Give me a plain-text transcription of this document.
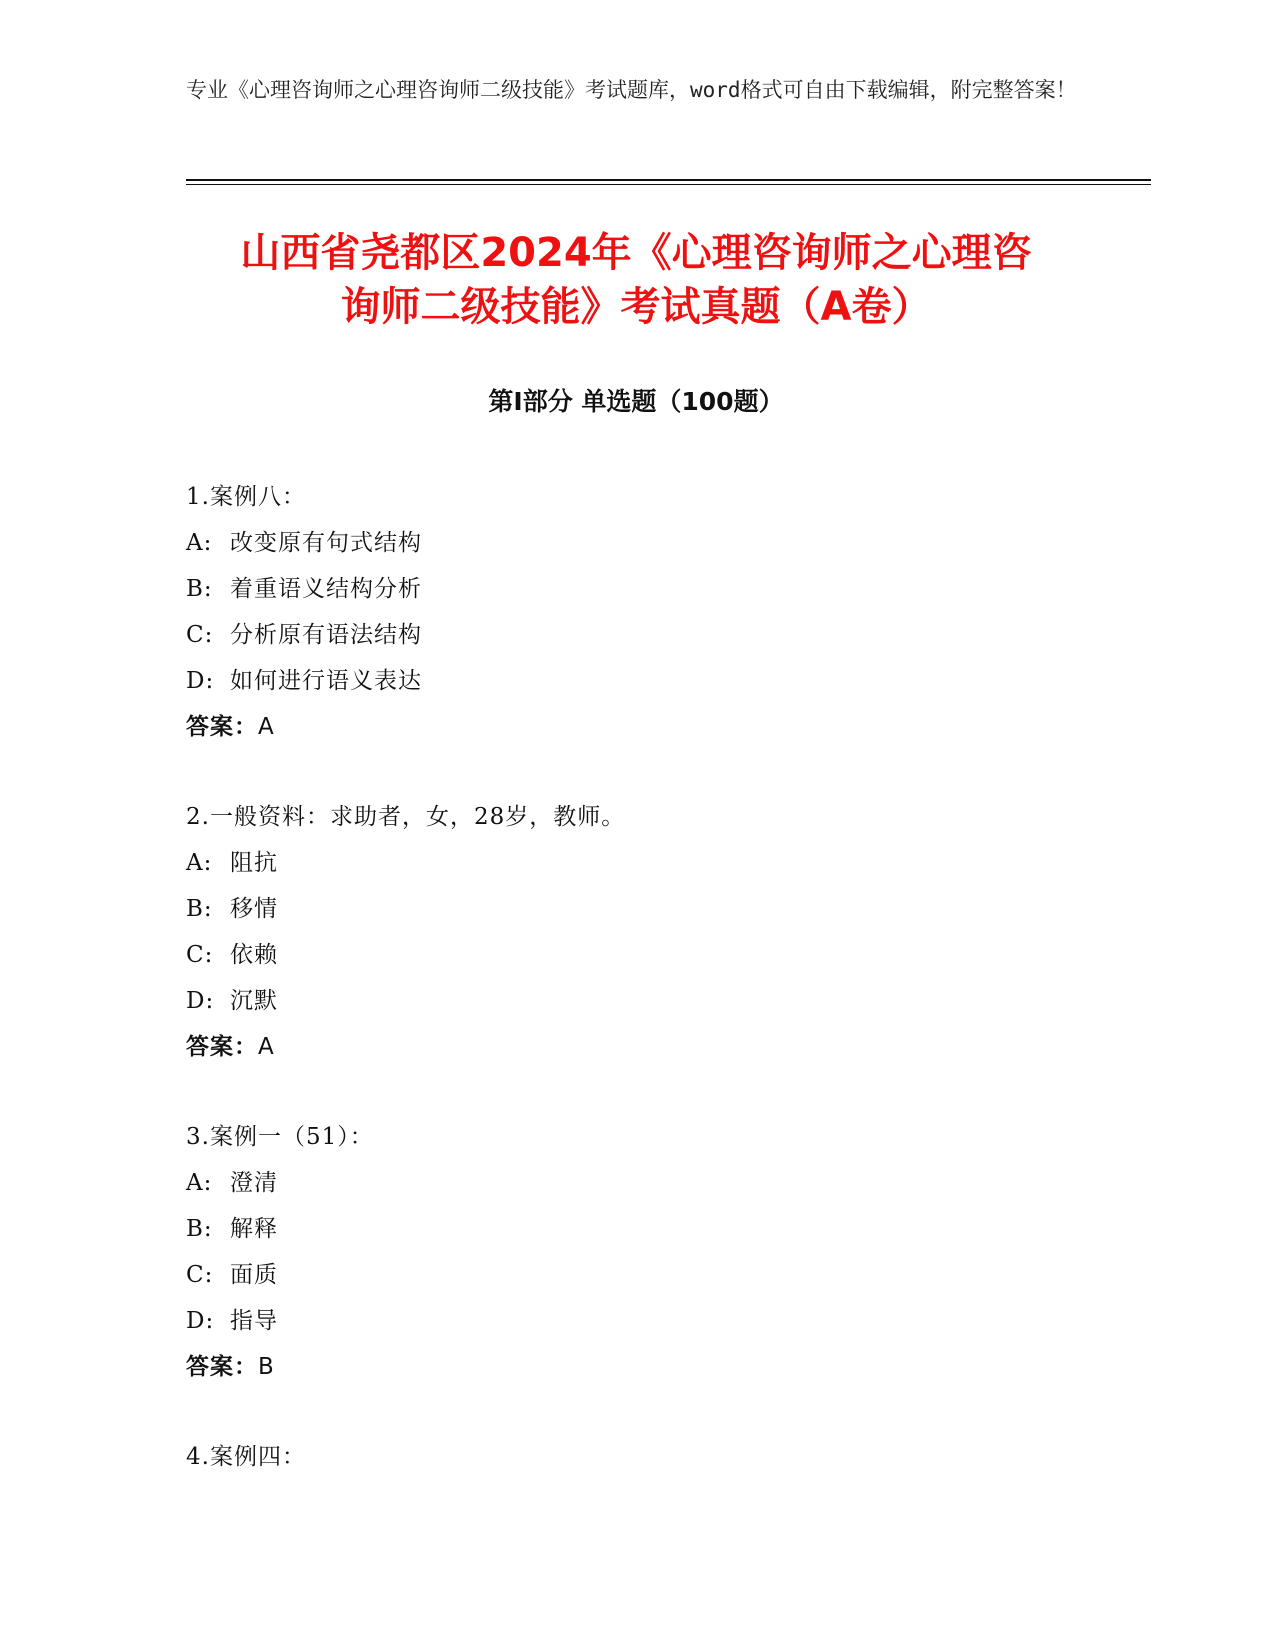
专业《心理咨询师之心理咨询师二级技能》考试题库，word格式可自由下载编辑，附完整答案！
山西省尧都区2024年《心理咨询师之心理咨
询师二级技能》考试真题（A卷）
第Ⅰ部分 单选题（100题）
1.案例八：
A: 改变原有句式结构
B: 着重语义结构分析
C: 分析原有语法结构
D: 如何进行语义表达
答案：A
2.一般资料：求助者，女，28岁，教师。
A: 阻抗
B: 移情
C: 依赖
D: 沉默
答案：A
3.案例一（51）：
A: 澄清
B: 解释
C: 面质
D: 指导
答案：B
4.案例四：
